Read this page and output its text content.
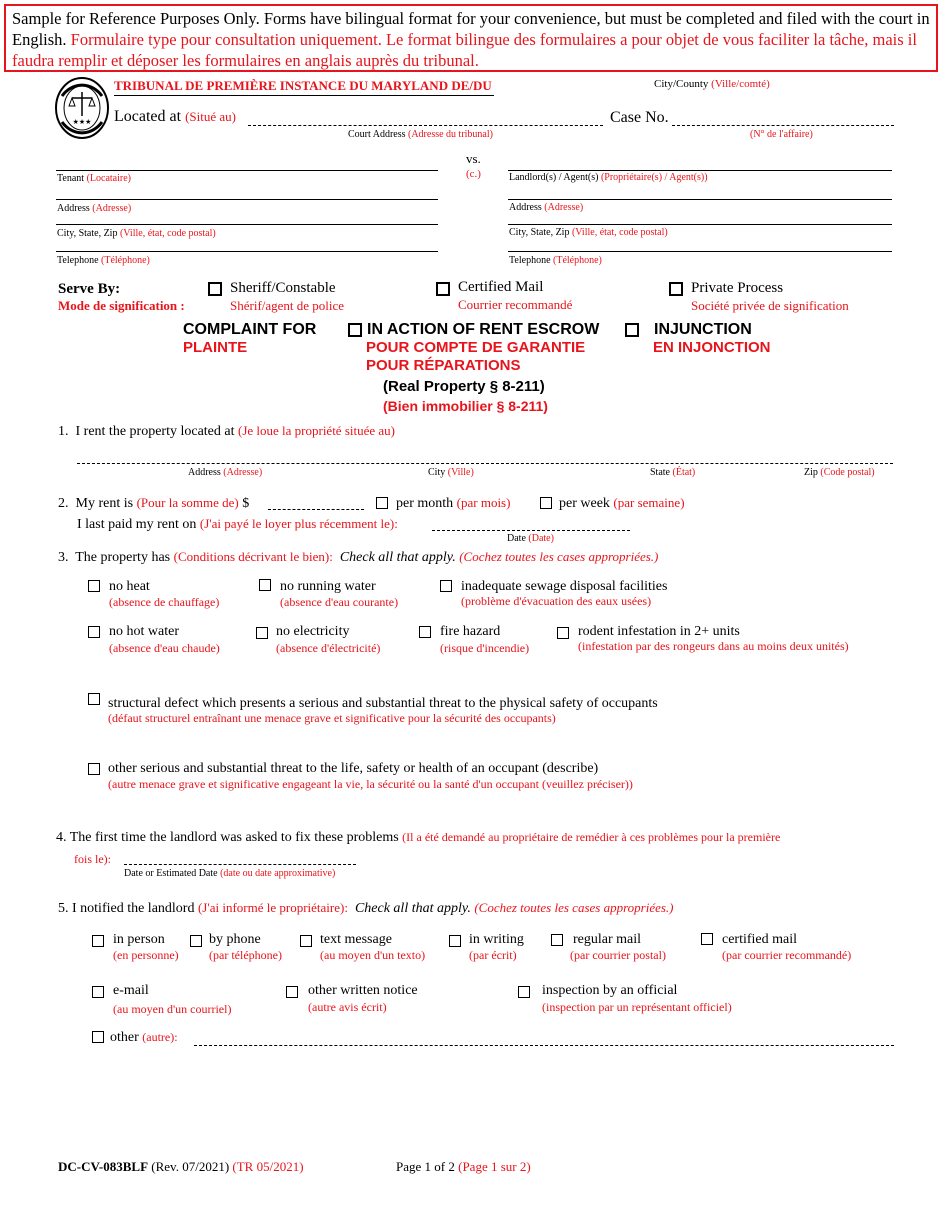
Sample for Reference Purposes Only. Forms have bilingual format for your convenience, but must be completed and filed with the court in English. Formulaire type pour consultation uniquement. Le format bilingue des formulaires a pour objet de vous faciliter la tâche, mais il faudra remplir et déposer les formulaires en anglais auprès du tribunal.
★★★
TRIBUNAL DE PREMIÈRE INSTANCE DU MARYLAND DE/DU	City/County (Ville/comté)
Located at (Situé au)
Court Address (Adresse du tribunal)
Case No.
(N° de l'affaire)
vs.
(c.)
Tenant (Locataire)
Address (Adresse)
City, State, Zip (Ville, état, code postal)
Telephone (Téléphone)
Landlord(s) / Agent(s) (Propriétaire(s) / Agent(s))
Address (Adresse)
City, State, Zip (Ville, état, code postal)
Telephone (Téléphone)
Serve By:
Mode de signification :
Sheriff/Constable
Shérif/agent de police
Certified Mail
Courrier recommandé
Private Process
Société privée de signification
COMPLAINT FOR
PLAINTE
IN ACTION OF RENT ESCROW
POUR COMPTE DE GARANTIE
POUR RÉPARATIONS
INJUNCTION
EN INJONCTION
(Real Property § 8-211)
(Bien immobilier § 8-211)
1. I rent the property located at (Je loue la propriété située au)
Address (Adresse)	City (Ville)	State (État)	Zip (Code postal)
2. My rent is (Pour la somme de) $	per month (par mois)	per week (par semaine)
I last paid my rent on (J'ai payé le loyer plus récemment le):
Date (Date)
3. The property has (Conditions décrivant le bien): Check all that apply. (Cochez toutes les cases appropriées.)
no heat
(absence de chauffage)
no running water
(absence d'eau courante)
inadequate sewage disposal facilities
(problème d'évacuation des eaux usées)
no hot water
(absence d'eau chaude)
no electricity
(absence d'électricité)
fire hazard
(risque d'incendie)
rodent infestation in 2+ units
(infestation par des rongeurs dans au moins deux unités)
structural defect which presents a serious and substantial threat to the physical safety of occupants
(défaut structurel entraînant une menace grave et significative pour la sécurité des occupants)
other serious and substantial threat to the life, safety or health of an occupant (describe)
(autre menace grave et significative engageant la vie, la sécurité ou la santé d'un occupant (veuillez préciser))
4. The first time the landlord was asked to fix these problems (Il a été demandé au propriétaire de remédier à ces problèmes pour la première
fois le):
Date or Estimated Date (date ou date approximative)
5. I notified the landlord (J'ai informé le propriétaire): Check all that apply. (Cochez toutes les cases appropriées.)
in person
(en personne)
by phone
(par téléphone)
text message
(au moyen d'un texto)
in writing
(par écrit)
regular mail
(par courrier postal)
certified mail
(par courrier recommandé)
e-mail
(au moyen d'un courriel)
other written notice
(autre avis écrit)
inspection by an official
(inspection par un représentant officiel)
other (autre):
DC-CV-083BLF (Rev. 07/2021) (TR 05/2021)	Page 1 of 2 (Page 1 sur 2)
